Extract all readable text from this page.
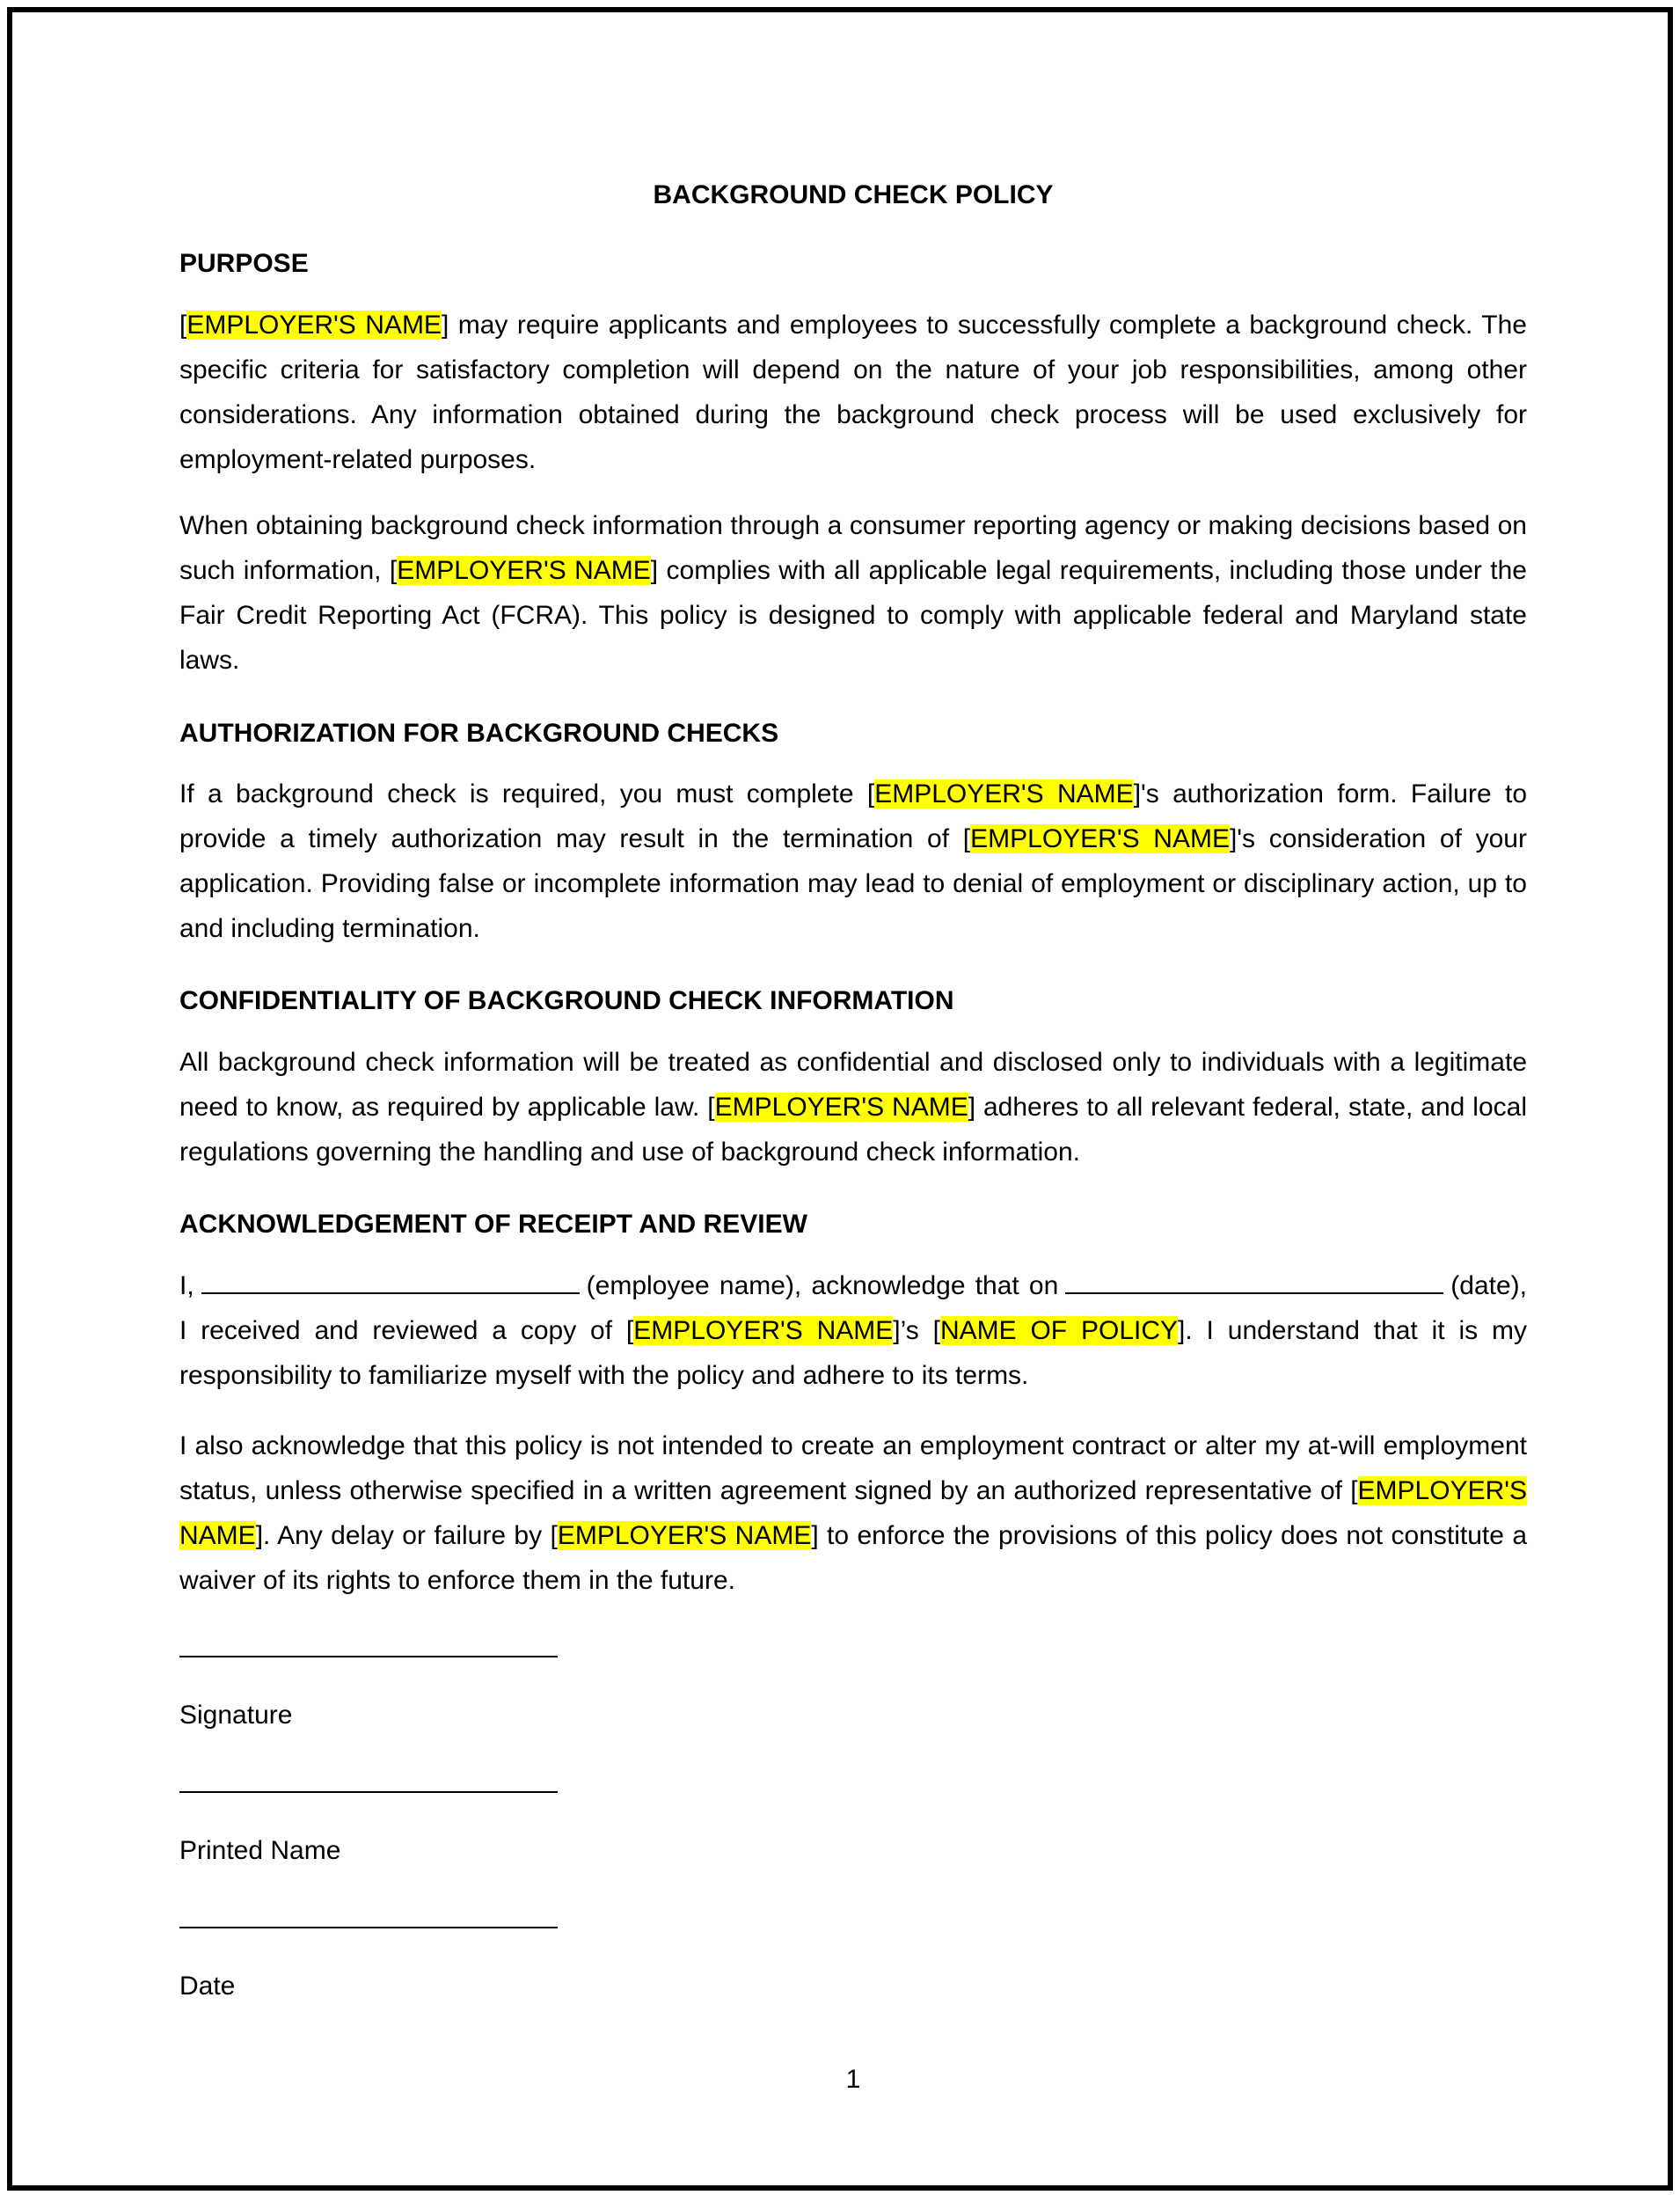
BACKGROUND CHECK POLICY
PURPOSE
[EMPLOYER'S NAME] may require applicants and employees to successfully complete a background check. The specific criteria for satisfactory completion will depend on the nature of your job responsibilities, among other considerations. Any information obtained during the background check process will be used exclusively for employment-related purposes.
When obtaining background check information through a consumer reporting agency or making decisions based on such information, [EMPLOYER'S NAME] complies with all applicable legal requirements, including those under the Fair Credit Reporting Act (FCRA). This policy is designed to comply with applicable federal and Maryland state laws.
AUTHORIZATION FOR BACKGROUND CHECKS
If a background check is required, you must complete [EMPLOYER'S NAME]'s authorization form. Failure to provide a timely authorization may result in the termination of [EMPLOYER'S NAME]'s consideration of your application. Providing false or incomplete information may lead to denial of employment or disciplinary action, up to and including termination.
CONFIDENTIALITY OF BACKGROUND CHECK INFORMATION
All background check information will be treated as confidential and disclosed only to individuals with a legitimate need to know, as required by applicable law. [EMPLOYER'S NAME] adheres to all relevant federal, state, and local regulations governing the handling and use of background check information.
ACKNOWLEDGEMENT OF RECEIPT AND REVIEW
I,	(employee name), acknowledge that on	(date), I received and reviewed a copy of [EMPLOYER'S NAME]’s [NAME OF POLICY]. I understand that it is my responsibility to familiarize myself with the policy and adhere to its terms.
I also acknowledge that this policy is not intended to create an employment contract or alter my at-will employment status, unless otherwise specified in a written agreement signed by an authorized representative of [EMPLOYER'S NAME]. Any delay or failure by [EMPLOYER'S NAME] to enforce the provisions of this policy does not constitute a waiver of its rights to enforce them in the future.
Signature
Printed Name
Date
1
